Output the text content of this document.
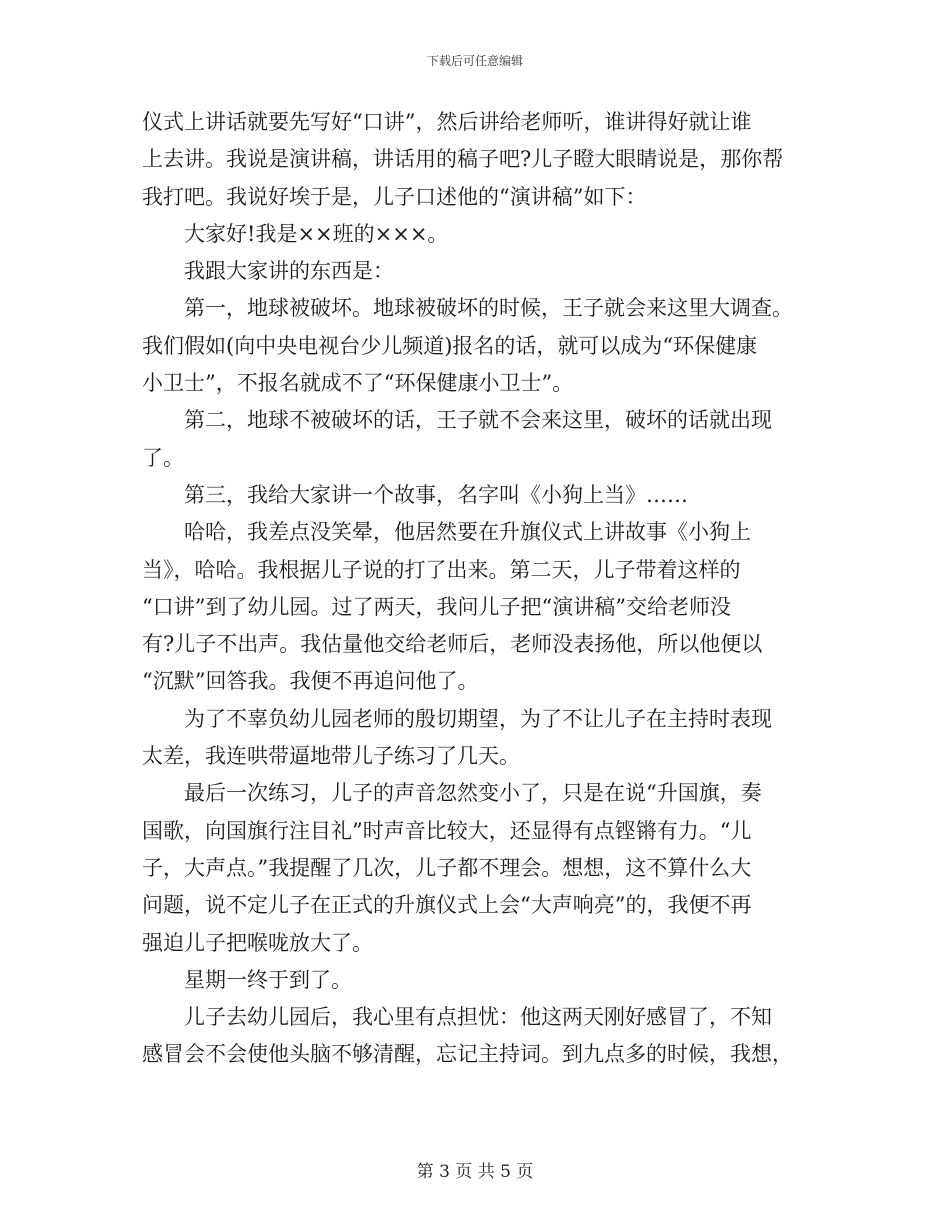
下载后可任意编辑
仪式上讲话就要先写好“口讲”，然后讲给老师听，谁讲得好就让谁
上去讲。我说是演讲稿，讲话用的稿子吧?儿子瞪大眼睛说是，那你帮
我打吧。我说好埃于是，儿子口述他的“演讲稿”如下：
　　大家好!我是××班的×××。
　　我跟大家讲的东西是：
　　第一，地球被破坏。地球被破坏的时候，王子就会来这里大调查。
我们假如(向中央电视台少儿频道)报名的话，就可以成为“环保健康
小卫士”，不报名就成不了“环保健康小卫士”。
　　第二，地球不被破坏的话，王子就不会来这里，破坏的话就出现
了。
　　第三，我给大家讲一个故事，名字叫《小狗上当》……
　　哈哈，我差点没笑晕，他居然要在升旗仪式上讲故事《小狗上
当》，哈哈。我根据儿子说的打了出来。第二天，儿子带着这样的
“口讲”到了幼儿园。过了两天，我问儿子把“演讲稿”交给老师没
有?儿子不出声。我估量他交给老师后，老师没表扬他，所以他便以
“沉默”回答我。我便不再追问他了。
　　为了不辜负幼儿园老师的殷切期望，为了不让儿子在主持时表现
太差，我连哄带逼地带儿子练习了几天。
　　最后一次练习，儿子的声音忽然变小了，只是在说“升国旗，奏
国歌，向国旗行注目礼”时声音比较大，还显得有点铿锵有力。“儿
子，大声点。”我提醒了几次，儿子都不理会。想想，这不算什么大
问题，说不定儿子在正式的升旗仪式上会“大声响亮”的，我便不再
强迫儿子把喉咙放大了。
　　星期一终于到了。
　　儿子去幼儿园后，我心里有点担忧：他这两天刚好感冒了，不知
感冒会不会使他头脑不够清醒，忘记主持词。到九点多的时候，我想，
第 3 页 共 5 页
